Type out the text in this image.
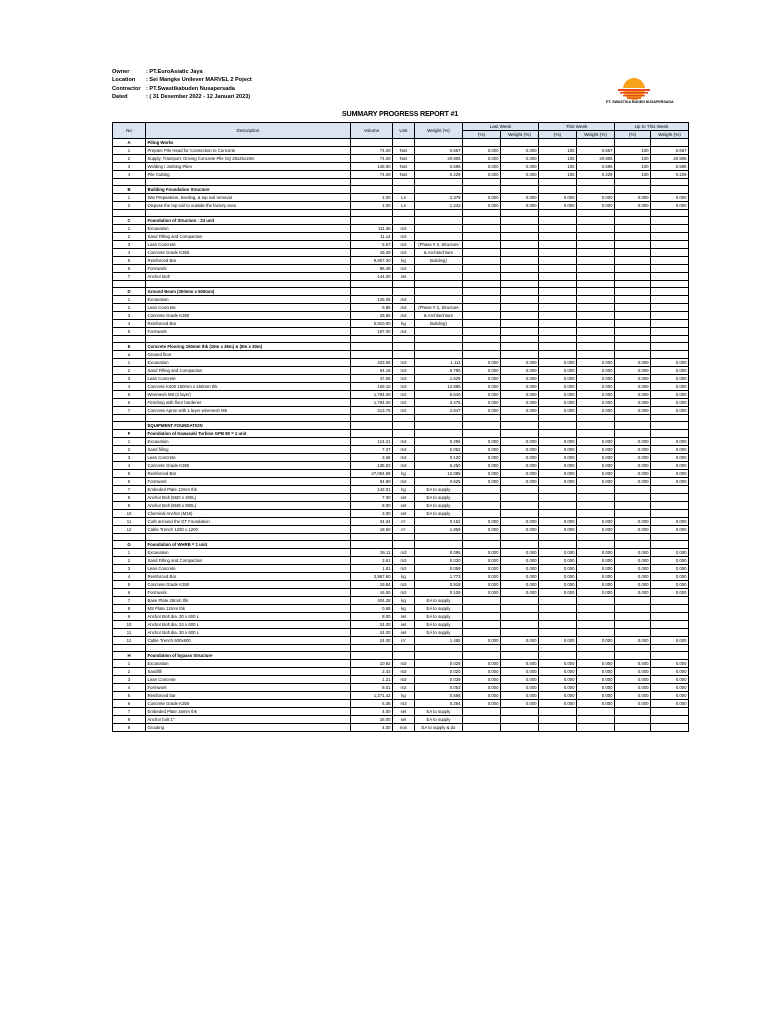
Owner	: PT.EuroAsiatic Jaya
Location	: Sei Mangke Unilever MARVEL 2 Poject
Contractor : PT.Swastikabuden Nusapersada
Dated	: ( 31 Desember 2022 - 12 Januari 2023)
PT. SWASTIKA BUDEN NUSAPERSADA
SUMMARY PROGRESS REPORT #1
No	Description	Volume	Unit	Weight (%)	Last Week		This Week		Up to This Week	
					(%)	Weight (%)	(%)	Weight (%)	(%)	Weight (%)
A	Piling Works									
1	Prepare Pile Head for Connection to Concrete	74.00	Nos	0.667	0.000	0.000	100	0.667	100	0.667
2	Supply, Transport, Driving Concrete Pile SQ 25x25x18m	74.00	Nos	20.905	0.000	0.000	100	20.905	100	20.905
3	Welding / Jointing Piles	148.00	Nos	0.598	0.000	0.000	100	0.598	100	0.598
4	Pile Cutting	74.00	Nos	0.229	0.000	0.000	100	0.229	100	0.229

B	Building Foundation Structure									
1	Site Preparation, leveling, & top soil removal	1.00	Ls	2.378	0.000	0.000	0.000	0.000	0.000	0.000
2	Dispose the top soil to outside the factory area	1.00	Ls	1.243	0.000	0.000	0.000	0.000	0.000	0.000

C	Foundation of Structure : 24 unit									
1	Excavation	111.36	m3							
2	Sand Filling and Compaction	11.14	m3							
3	Lean Concrete	5.57	m3	(Phase # 2, Structure						
4	Concrete Grade K350	49.29	m3	& Architechture						
5	Reinforced Bar	9,857.20	kg	Building)						
6	Formwork	96.48	m2							
7	Anchor Bolt	144.00	set							

D	Ground Beam (300mm x 500mm)									
1	Excavation	128.05	m3							
2	Lean Concrete	9.85	m3	(Phese # 2, Structure						
3	Concrete Grade K350	29.55	m3	& Architechture						
4	Reinforced Bar	5,910.00	kg	Building)						
5	Formwork	197.00	m2							

E	Concrete Flooring 150mm thk (19m x 36m) & (8m x 30m)									
a	Ground floor									
1	Excavation	423.68	m3	1.111	0.000	0.000	0.000	0.000	0.000	0.000
2	Sand Filling and Compaction	94.15	m3	0.789	0.000	0.000	0.000	0.000	0.000	0.000
3	Lean Concrete	47.08	m3	1.529	0.000	0.000	0.000	0.000	0.000	0.000
4	Concrete K400 150mm x 150mm thk	169.10	m3	12.985	0.000	0.000	0.000	0.000	0.000	0.000
5	Wiremesh M8 (2 layer)	1,794.00	m2	5.640	0.000	0.000	0.000	0.000	0.000	0.000
6	Finishing with floor hardener	1,794.00	m2	3.475	0.000	0.000	0.000	0.000	0.000	0.000
7	Concrete Apron with 1 layer wiremesh M6	213.75	m2	2.847	0.000	0.000	0.000	0.000	0.000	0.000

	EQUIPMENT FOUNDATION									
F	Foundation of Kawasaki Turbine GPB 80 = 1 unit									
1	Excavation	114.21	m3	0.296	0.000	0.000	0.000	0.000	0.000	0.000
2	Sand filling	7.37	m3	0.062	0.000	0.000	0.000	0.000	0.000	0.000
3	Lean Concrete	3.68	m3	0.120	0.000	0.000	0.000	0.000	0.000	0.000
4	Concrete Grade K350	135.02	m3	6.250	0.000	0.000	0.000	0.000	0.000	0.000
5	Reinforced Bar	27,004.99	kg	12.085	0.000	0.000	0.000	0.000	0.000	0.000
6	Formwork	94.80	m2	0.625	0.000	0.000	0.000	0.000	0.000	0.000
7	Embeded Plate 12mm thk	142.01	kg	EA to supply						
8	Anchor Bolt (M20 x 400L)	7.00	set	EA to supply						
9	Anchor Bolt (M48 x 800L)	8.00	set	EA to supply						
10	Chemical Anchor (M16)	2.00	set	EA to supply						
11	Curb arround the GT Foundation	34.34	m'	0.162	0.000	0.000	0.000	0.000	0.000	0.000
12	Cable Trench 1200 x 1200	18.50	m'	1.859	0.000	0.000	0.000	0.000	0.000	0.000

G	Foundation of WHRB = 1 unit									
1	Excavation	36.11	m3	0.095	0.000	0.000	0.000	0.000	0.000	0.000
2	Sand Filling and Compaction	3.61	m3	0.030	0.000	0.000	0.000	0.000	0.000	0.000
3	Lean Concrete	1.81	m3	0.059	0.000	0.000	0.000	0.000	0.000	0.000
4	Reinforced Bar	3,967.60	kg	1.773	0.000	0.000	0.000	0.000	0.000	0.000
5	Concrete Grade K350	19.84	m3	0.918	0.000	0.000	0.000	0.000	0.000	0.000
6	Formwork	16.50	m2	0.109	0.000	0.000	0.000	0.000	0.000	0.000
7	Base Plate 25mm thk	404.28	kg	EA to supply						
8	MS Plate 12mm thk	0.68	kg	EA to supply						
9	Anchor Bolt dia. 30 x 600 L	8.00	set	EA to supply						
10	Anchor Bolt dia. 24 x 600 L	24.00	set	EA to supply						
11	Anchor Bolt dia. 30 x 600 L	24.00	set	EA to supply						
12	Cable Trench 600x600	24.00	m'	1.465	0.000	0.000	0.000	0.000	0.000	0.000

H	Foundation of bypass Structure									
1	Excavation	10.92	m3	0.029	0.000	0.000	0.000	0.000	0.000	0.000
2	Sandfill	2.43	m3	0.020	0.000	0.000	0.000	0.000	0.000	0.000
3	Lean Concrete	1.21	m3	0.039	0.000	0.000	0.000	0.000	0.000	0.000
4	Formwork	8.01	m2	0.053	0.000	0.000	0.000	0.000	0.000	0.000
5	Reinforced bar	1,271.42	kg	0.568	0.000	0.000	0.000	0.000	0.000	0.000
6	Concrete Grade K350	6.36	m3	0.294	0.000	0.000	0.000	0.000	0.000	0.000
7	Embeded Plate 16mm thk	4.00	set	EA to supply						
8	Anchor bolt 1"	16.00	set	EA to supply						
9	Grouting	4.00	nos	EA to supply & do						
